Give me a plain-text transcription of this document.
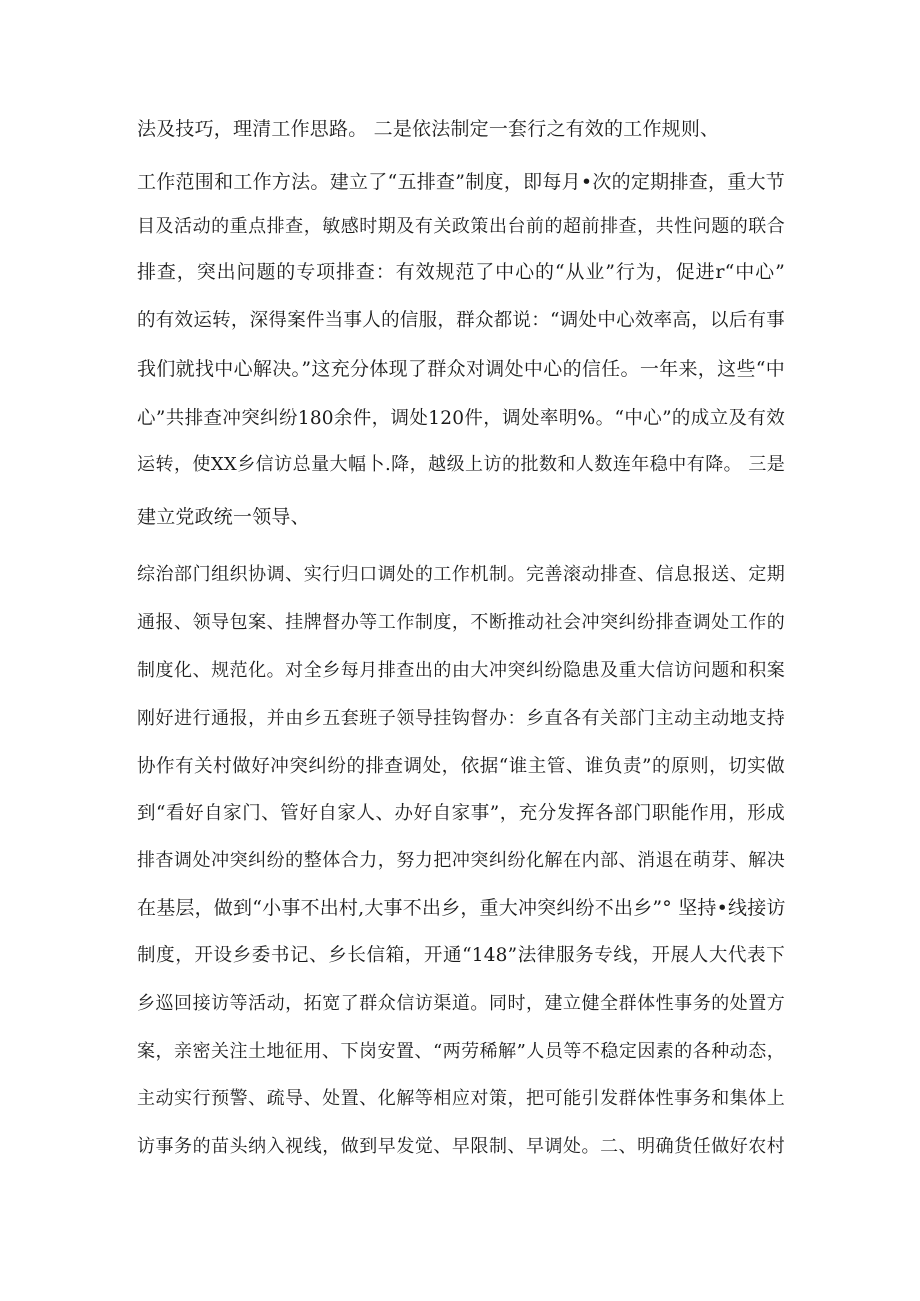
法及技巧，理清工作思路。 二是依法制定一套行之有效的工作规则、
工作范围和工作方法。建立了“五排查”制度，即每月•次的定期排查，重大节
目及活动的重点排查，敏感时期及有关政策出台前的超前排查，共性问题的联合
排查，突出问题的专项排查：有效规范了中心的“从业”行为，促进r“中心”
的有效运转，深得案件当事人的信服，群众都说：“调处中心效率高，以后有事
我们就找中心解决。”这充分体现了群众对调处中心的信任。一年来，这些“中
心”共排查冲突纠纷180余件，调处120件，调处率明%。“中心”的成立及有效
运转，使XX乡信访总量大幅卜.降，越级上访的批数和人数连年稳中有降。 三是
建立党政统一领导、
综治部门组织协调、实行归口调处的工作机制。完善滚动排查、信息报送、定期
通报、领导包案、挂牌督办等工作制度，不断推动社会冲突纠纷排查调处工作的
制度化、规范化。对全乡每月排查出的由大冲突纠纷隐患及重大信访问题和积案
刚好进行通报，并由乡五套班子领导挂钩督办：乡直各有关部门主动主动地支持
协作有关村做好冲突纠纷的排查调处，依据“谁主管、谁负责”的原则，切实做
到“看好自家门、管好自家人、办好自家事”，充分发挥各部门职能作用，形成
排杳调处冲突纠纷的整体合力，努力把冲突纠纷化解在内部、消退在萌芽、解决
在基层，做到“小事不出村,大事不出乡，重大冲突纠纷不出乡”° 坚持•线接访
制度，开设乡委书记、乡长信箱，开通“148”法律服务专线，开展人大代表下
乡巡回接访等活动，拓宽了群众信访渠道。同时，建立健全群体性事务的处置方
案，亲密关注土地征用、下岗安置、“两劳稀解”人员等不稳定因素的各种动态，
主动实行预警、疏导、处置、化解等相应对策，把可能引发群体性事务和集体上
访事务的苗头纳入视线，做到早发觉、早限制、早调处。二、明确货任做好农村
